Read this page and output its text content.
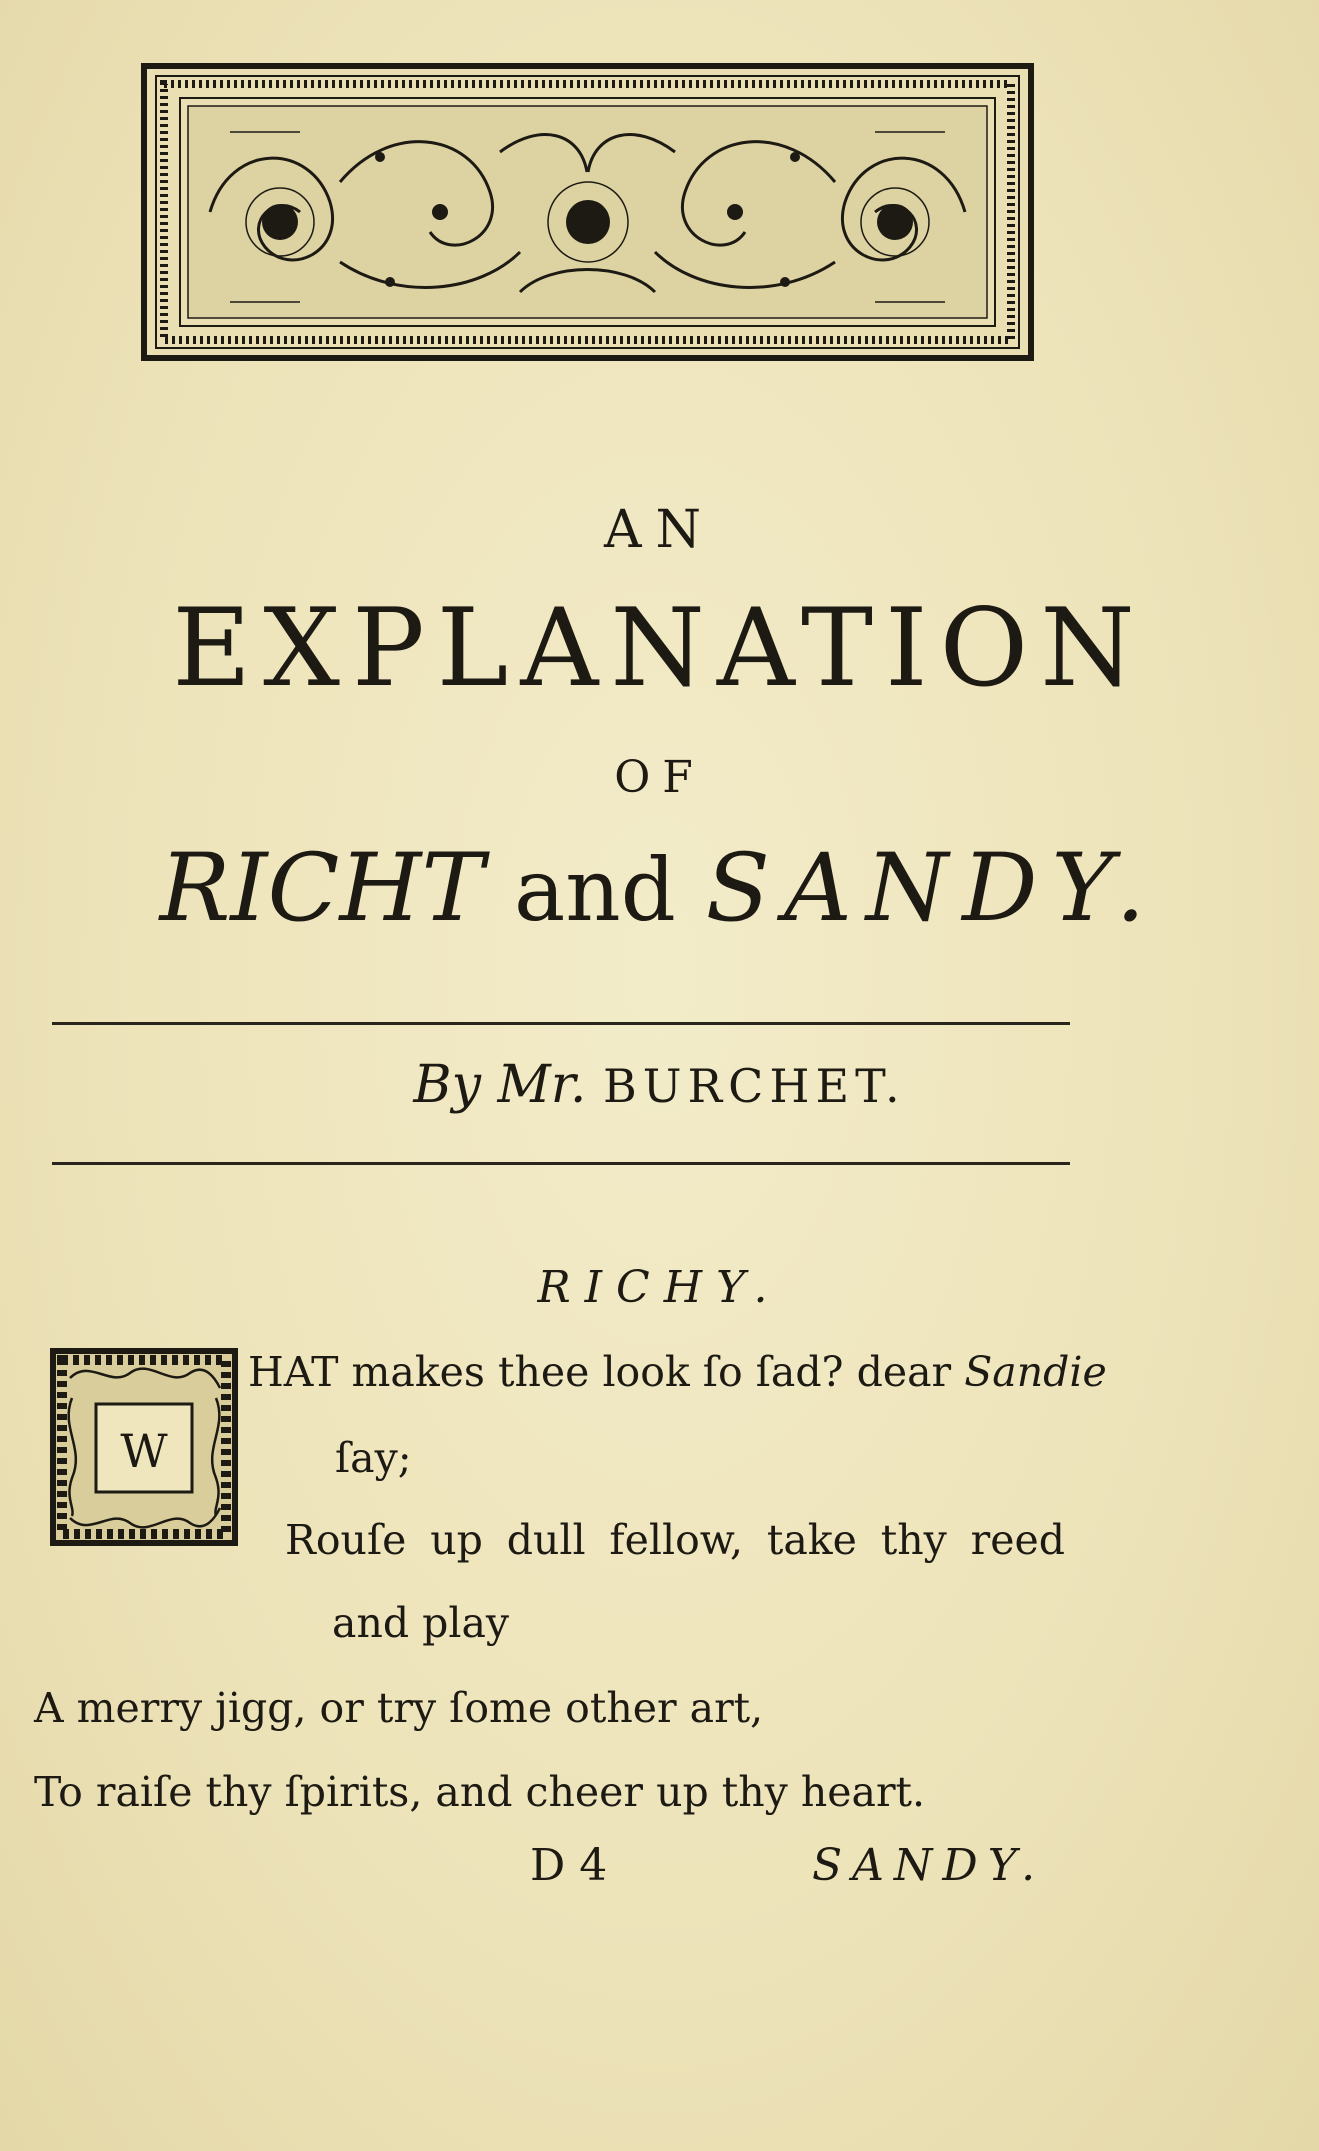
AN
EXPLANATION
OF
RICHT and SANDY.
By Mr. BURCHET.
RICHY.
W
HAT makes thee look ſo ſad? dear Sandie
ſay;
Rouſe up dull fellow, take thy reed
and play
A merry jigg, or try ſome other art,
To raiſe thy ſpirits, and cheer up thy heart.
D 4	SANDY.
